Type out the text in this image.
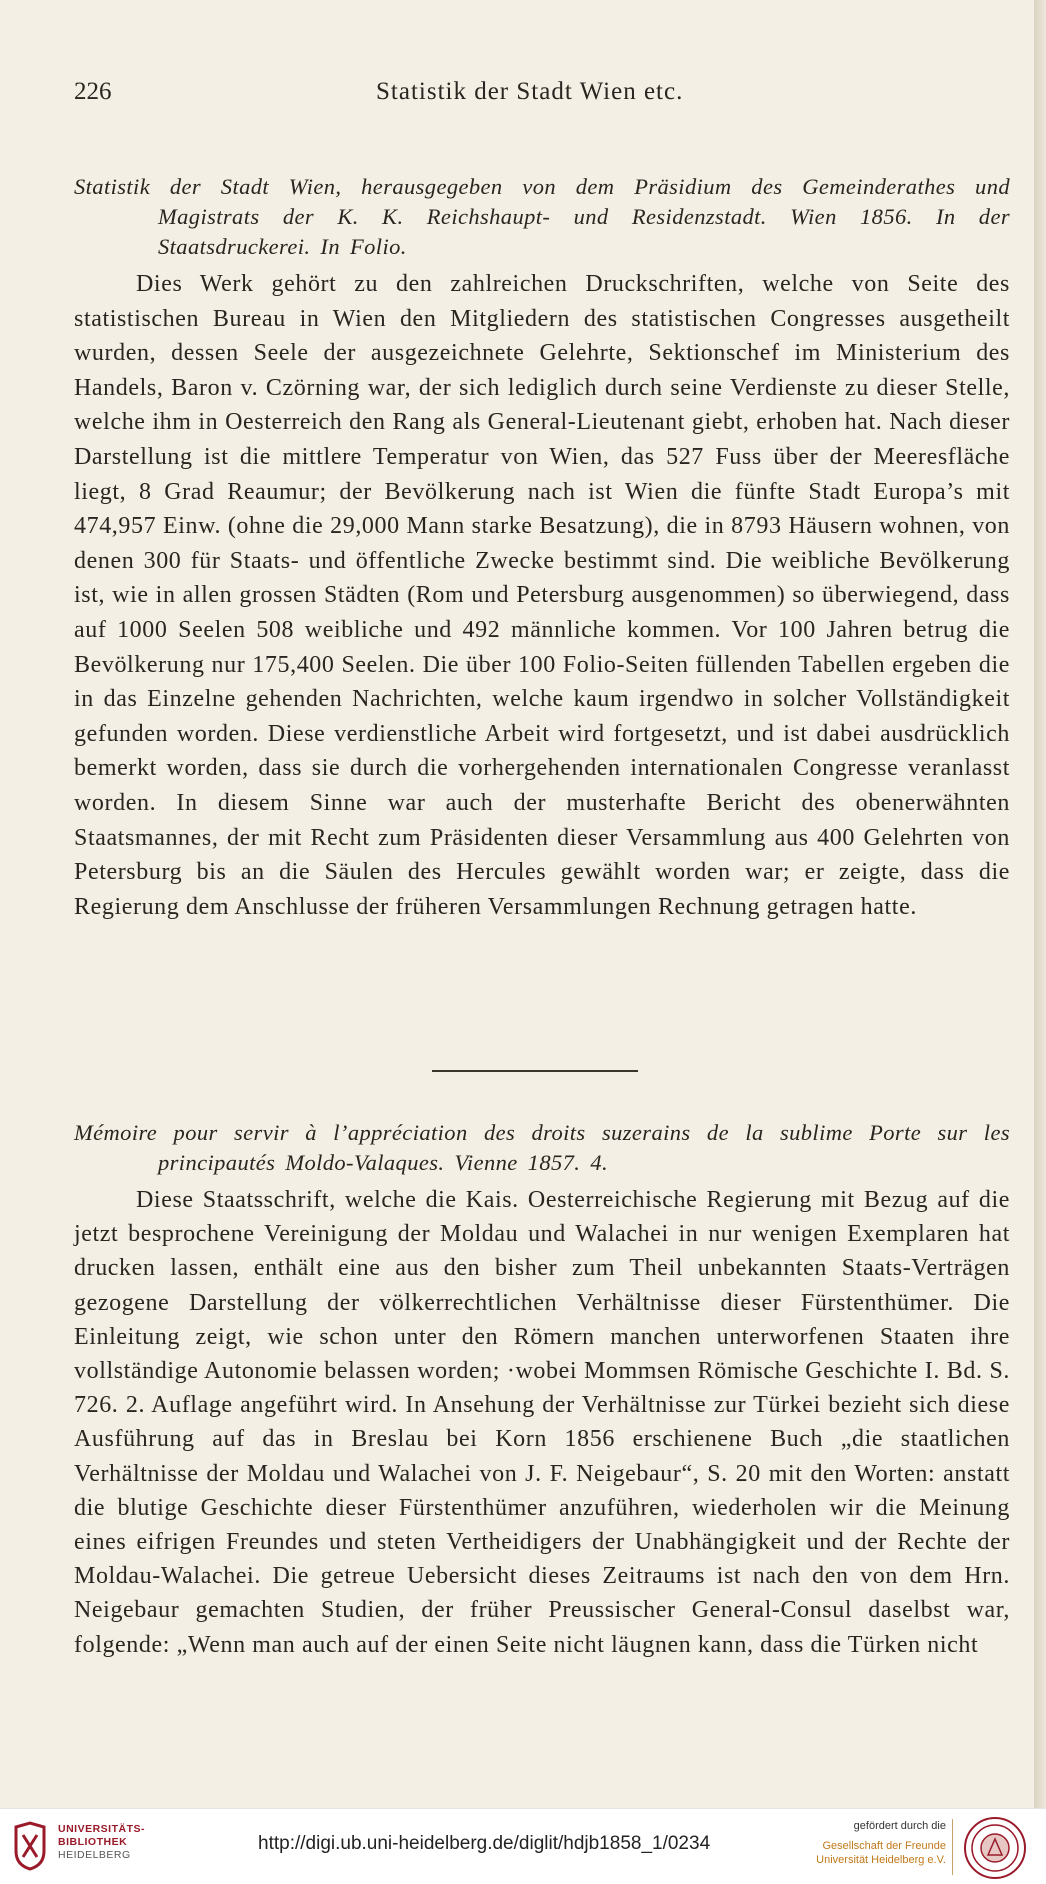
226	Statistik der Stadt Wien etc.

Statistik der Stadt Wien, herausgegeben von dem Präsidium des Gemeinderathes und Magistrats der K. K. Reichshaupt- und Residenzstadt. Wien 1856. In der Staatsdruckerei. In Folio.

Dies Werk gehört zu den zahlreichen Druckschriften, welche von Seite des statistischen Bureau in Wien den Mitgliedern des statistischen Congresses ausgetheilt wurden, dessen Seele der ausgezeichnete Gelehrte, Sektionschef im Ministerium des Handels, Baron v. Czörning war, der sich lediglich durch seine Verdienste zu dieser Stelle, welche ihm in Oesterreich den Rang als General-Lieutenant giebt, erhoben hat. Nach dieser Darstellung ist die mittlere Temperatur von Wien, das 527 Fuss über der Meeresfläche liegt, 8 Grad Reaumur; der Bevölkerung nach ist Wien die fünfte Stadt Europa’s mit 474,957 Einw. (ohne die 29,000 Mann starke Besatzung), die in 8793 Häusern wohnen, von denen 300 für Staats- und öffentliche Zwecke bestimmt sind. Die weibliche Bevölkerung ist, wie in allen grossen Städten (Rom und Petersburg ausgenommen) so überwiegend, dass auf 1000 Seelen 508 weibliche und 492 männliche kommen. Vor 100 Jahren betrug die Bevölkerung nur 175,400 Seelen. Die über 100 Folio-Seiten füllenden Tabellen ergeben die in das Einzelne gehenden Nachrichten, welche kaum irgendwo in solcher Vollständigkeit gefunden worden. Diese verdienstliche Arbeit wird fortgesetzt, und ist dabei ausdrücklich bemerkt worden, dass sie durch die vorhergehenden internationalen Congresse veranlasst worden. In diesem Sinne war auch der musterhafte Bericht des obenerwähnten Staatsmannes, der mit Recht zum Präsidenten dieser Versammlung aus 400 Gelehrten von Petersburg bis an die Säulen des Hercules gewählt worden war; er zeigte, dass die Regierung dem Anschlusse der früheren Versammlungen Rechnung getragen hatte.

Mémoire pour servir à l’appréciation des droits suzerains de la sublime Porte sur les principautés Moldo-Valaques. Vienne 1857. 4.

Diese Staatsschrift, welche die Kais. Oesterreichische Regierung mit Bezug auf die jetzt besprochene Vereinigung der Moldau und Walachei in nur wenigen Exemplaren hat drucken lassen, enthält eine aus den bisher zum Theil unbekannten Staats-Verträgen gezogene Darstellung der völkerrechtlichen Verhältnisse dieser Fürstenthümer. Die Einleitung zeigt, wie schon unter den Römern manchen unterworfenen Staaten ihre vollständige Autonomie belassen worden; ·wobei Mommsen Römische Geschichte I. Bd. S. 726. 2. Auflage angeführt wird. In Ansehung der Verhältnisse zur Türkei bezieht sich diese Ausführung auf das in Breslau bei Korn 1856 erschienene Buch „die staatlichen Verhältnisse der Moldau und Walachei von J. F. Neigebaur“, S. 20 mit den Worten: anstatt die blutige Geschichte dieser Fürstenthümer anzuführen, wiederholen wir die Meinung eines eifrigen Freundes und steten Vertheidigers der Unabhängigkeit und der Rechte der Moldau-Walachei. Die getreue Uebersicht dieses Zeitraums ist nach den von dem Hrn. Neigebaur gemachten Studien, der früher Preussischer General-Consul daselbst war, folgende: „Wenn man auch auf der einen Seite nicht läugnen kann, dass die Türken nicht

UNIVERSITÄTS-
BIBLIOTHEK
HEIDELBERG
http://digi.ub.uni-heidelberg.de/diglit/hdjb1858_1/0234
gefördert durch die
Gesellschaft der Freunde
Universität Heidelberg e.V.
